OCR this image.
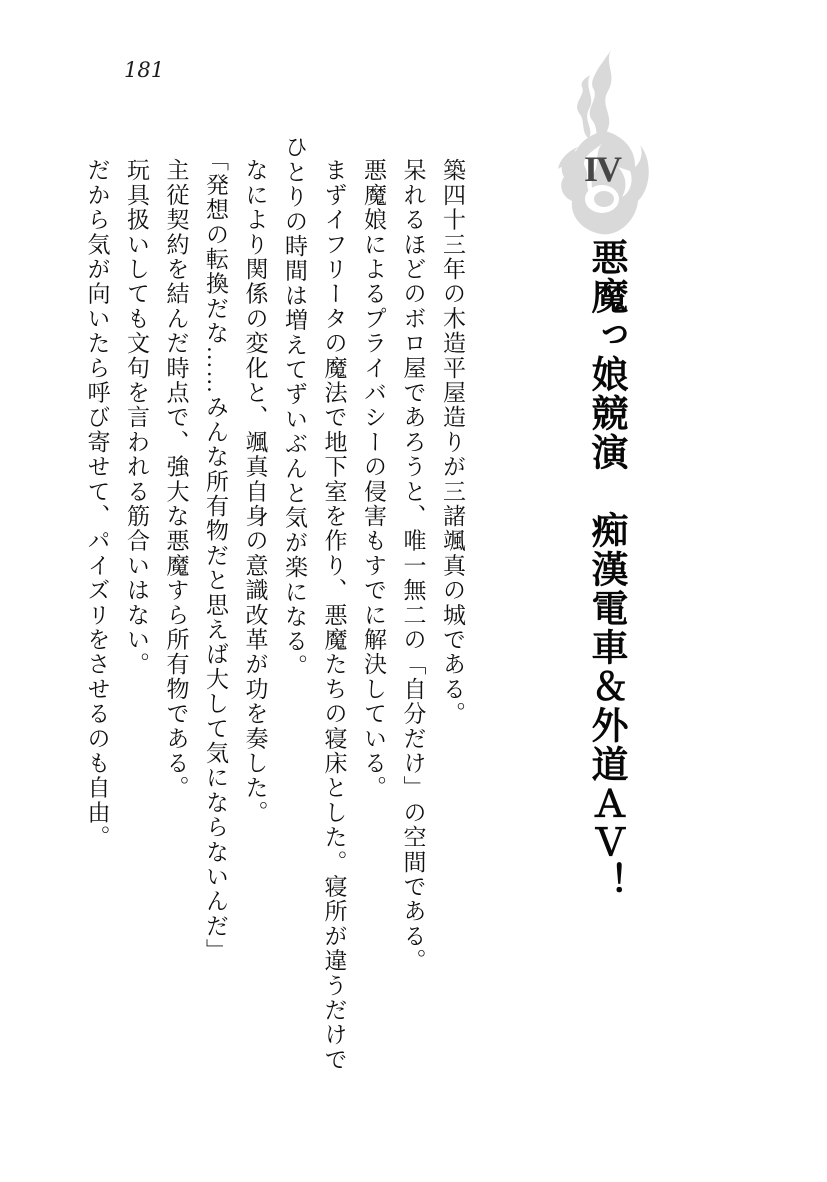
181
IV
悪魔っ娘競演　痴漢電車＆外道ＡＶ！

築四十三年の木造平屋造りが三諸颯真の城である。

呆れるほどのボロ屋であろうと、唯一無二の「自分だけ」の空間である。

悪魔娘によるプライバシーの侵害もすでに解決している。

まずイフリータの魔法で地下室を作り、悪魔たちの寝床とした。寝所が違うだけでひとりの時間は増えてずいぶんと気が楽になる。

なにより関係の変化と、颯真自身の意識改革が功を奏した。

「発想の転換だな……みんな所有物だと思えば大して気にならないんだ」

主従契約を結んだ時点で、強大な悪魔すら所有物である。

玩具扱いしても文句を言われる筋合いはない。

だから気が向いたら呼び寄せて、パイズリをさせるのも自由。
